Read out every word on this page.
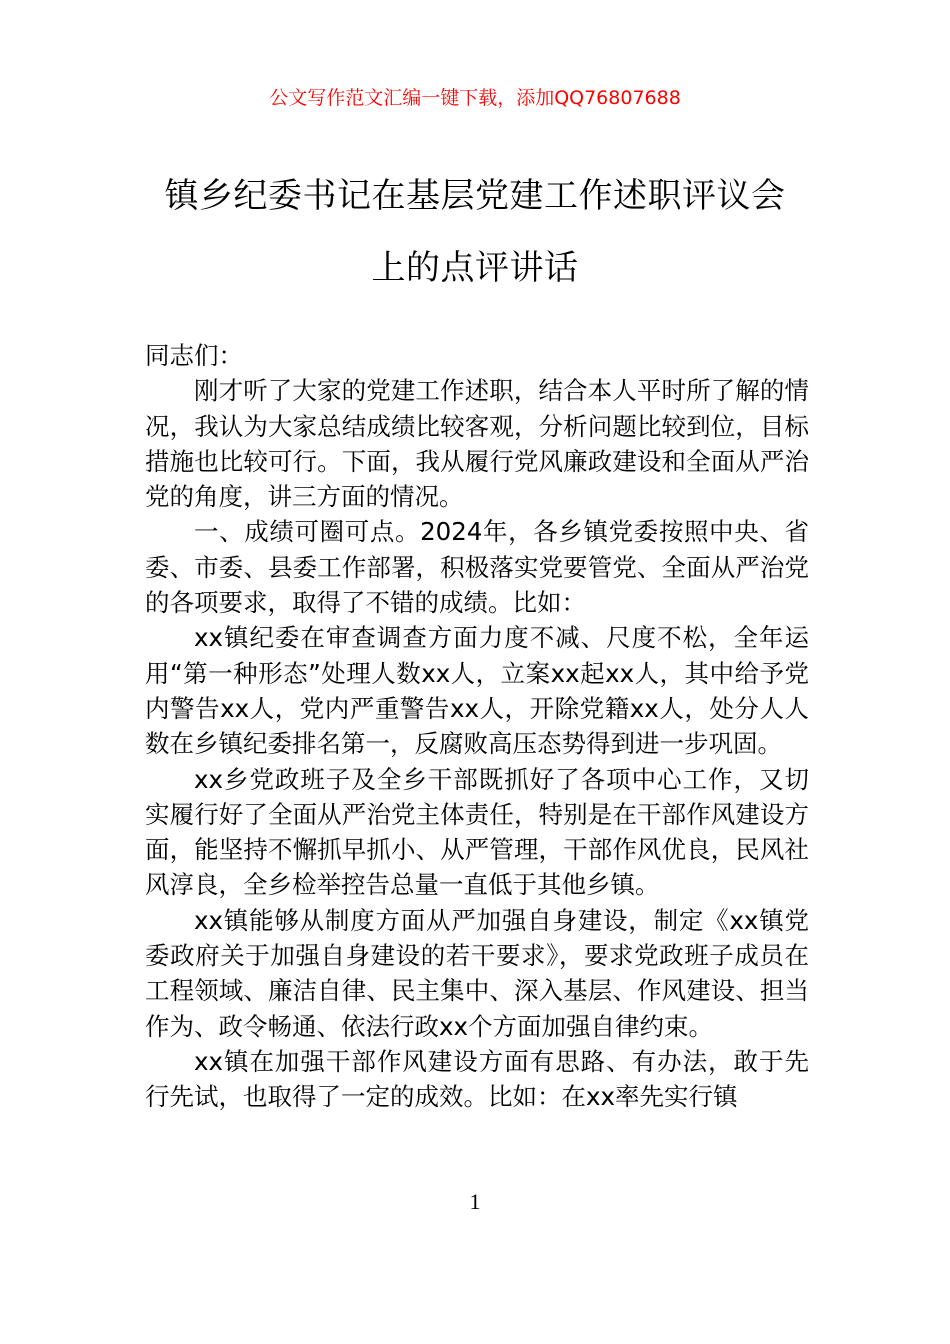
公文写作范文汇编一键下载，添加QQ76807688
镇乡纪委书记在基层党建工作述职评议会
上的点评讲话

同志们：

刚才听了大家的党建工作述职，结合本人平时所了解的情况，我认为大家总结成绩比较客观，分析问题比较到位，目标措施也比较可行。下面，我从履行党风廉政建设和全面从严治党的角度，讲三方面的情况。

一、成绩可圈可点。2024年，各乡镇党委按照中央、省委、市委、县委工作部署，积极落实党要管党、全面从严治党的各项要求，取得了不错的成绩。比如：

xx镇纪委在审查调查方面力度不减、尺度不松，全年运用“第一种形态”处理人数xx人，立案xx起xx人，其中给予党内警告xx人，党内严重警告xx人，开除党籍xx人，处分人人数在乡镇纪委排名第一，反腐败高压态势得到进一步巩固。

xx乡党政班子及全乡干部既抓好了各项中心工作，又切实履行好了全面从严治党主体责任，特别是在干部作风建设方面，能坚持不懈抓早抓小、从严管理，干部作风优良，民风社风淳良，全乡检举控告总量一直低于其他乡镇。

xx镇能够从制度方面从严加强自身建设，制定《xx镇党委政府关于加强自身建设的若干要求》，要求党政班子成员在工程领域、廉洁自律、民主集中、深入基层、作风建设、担当作为、政令畅通、依法行政xx个方面加强自律约束。

xx镇在加强干部作风建设方面有思路、有办法，敢于先行先试，也取得了一定的成效。比如：在xx率先实行镇

1
